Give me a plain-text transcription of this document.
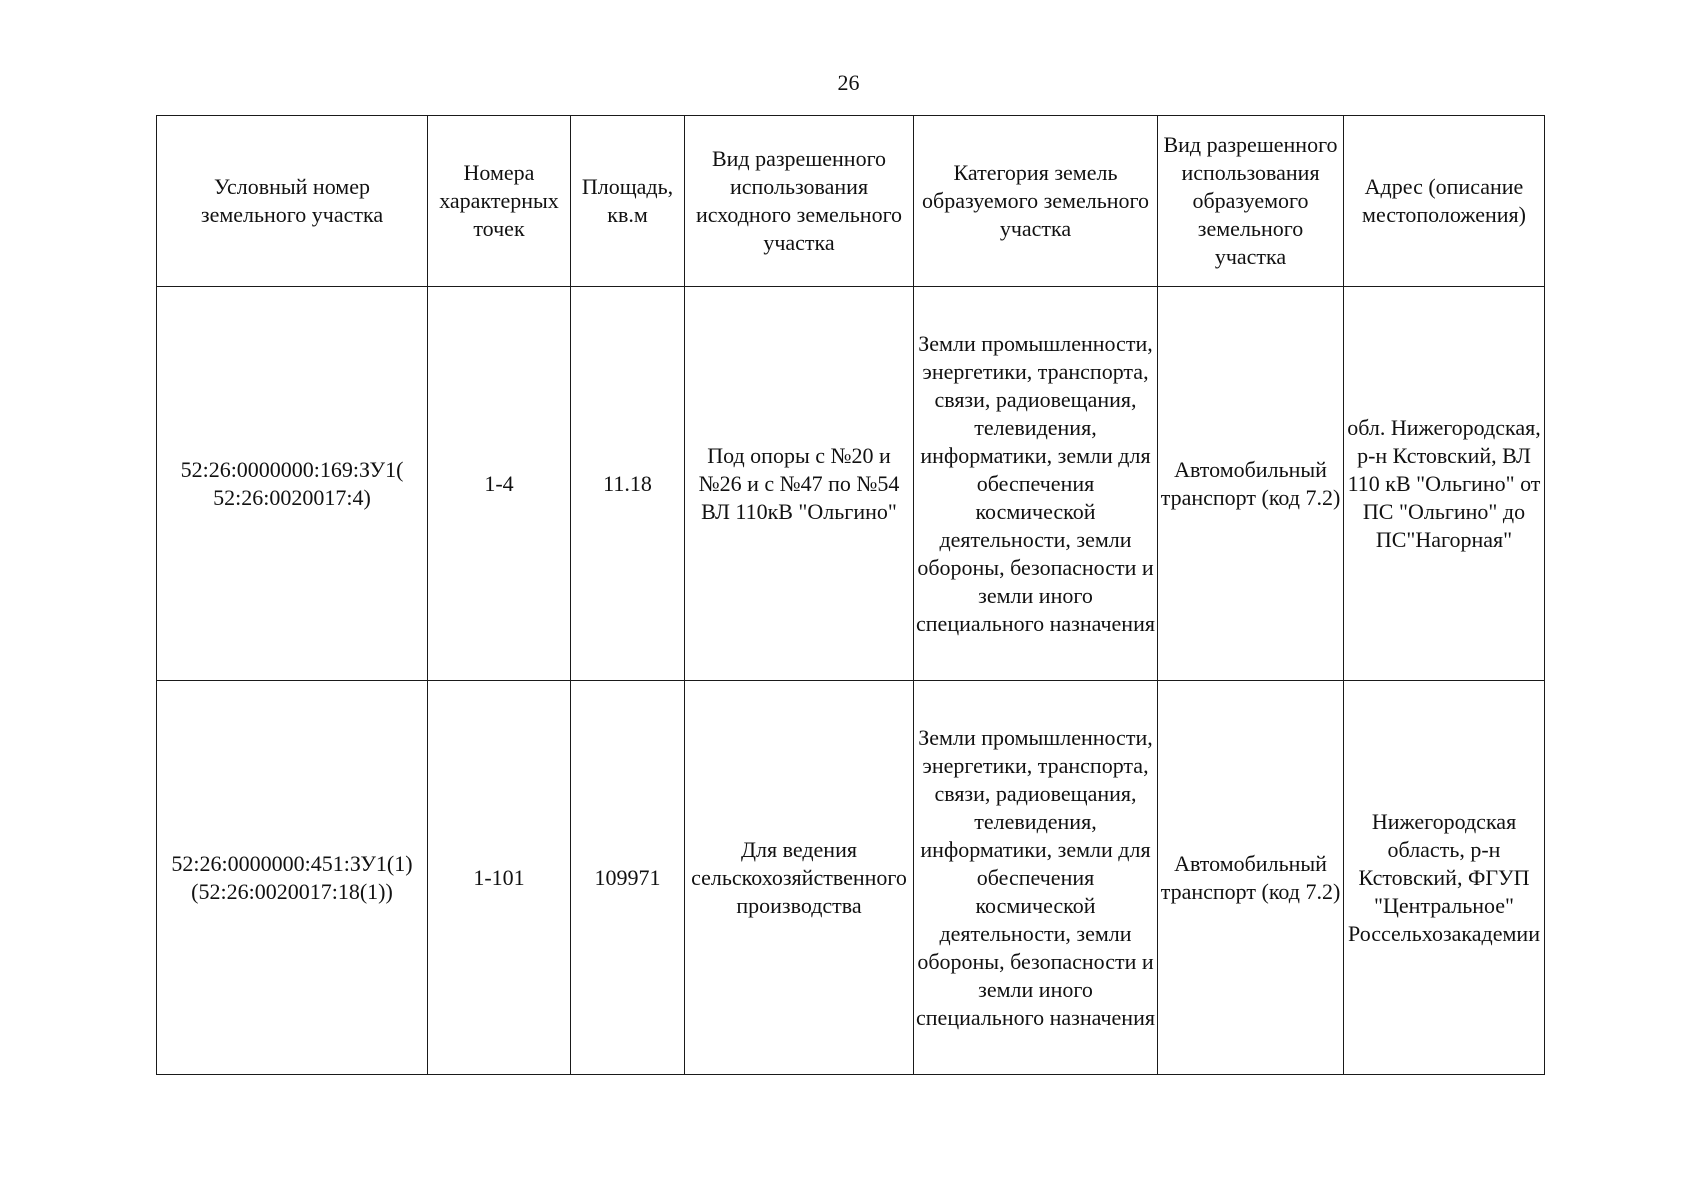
26
Условный номер земельного участка	Номера характерных точек	Площадь, кв.м	Вид разрешенного использования исходного земельного участка	Категория земель образуемого земельного участка	Вид разрешенного использования образуемого земельного участка	Адрес (описание местоположения)
52:26:0000000:169:ЗУ1( 52:26:0020017:4)	1-4	11.18	Под опоры с №20 и №26 и с №47 по №54 ВЛ 110кВ "Ольгино"	Земли промышленности, энергетики, транспорта, связи, радиовещания, телевидения, информатики, земли для обеспечения космической деятельности, земли обороны, безопасности и земли иного специального назначения	Автомобильный транспорт (код 7.2)	обл. Нижегородская, р-н Кстовский, ВЛ 110 кВ "Ольгино" от ПС "Ольгино" до ПС"Нагорная"
52:26:0000000:451:ЗУ1(1) (52:26:0020017:18(1))	1-101	109971	Для ведения сельскохозяйственного производства	Земли промышленности, энергетики, транспорта, связи, радиовещания, телевидения, информатики, земли для обеспечения космической деятельности, земли обороны, безопасности и земли иного специального назначения	Автомобильный транспорт (код 7.2)	Нижегородская область, р-н Кстовский, ФГУП "Центральное" Россельхозакадемии
